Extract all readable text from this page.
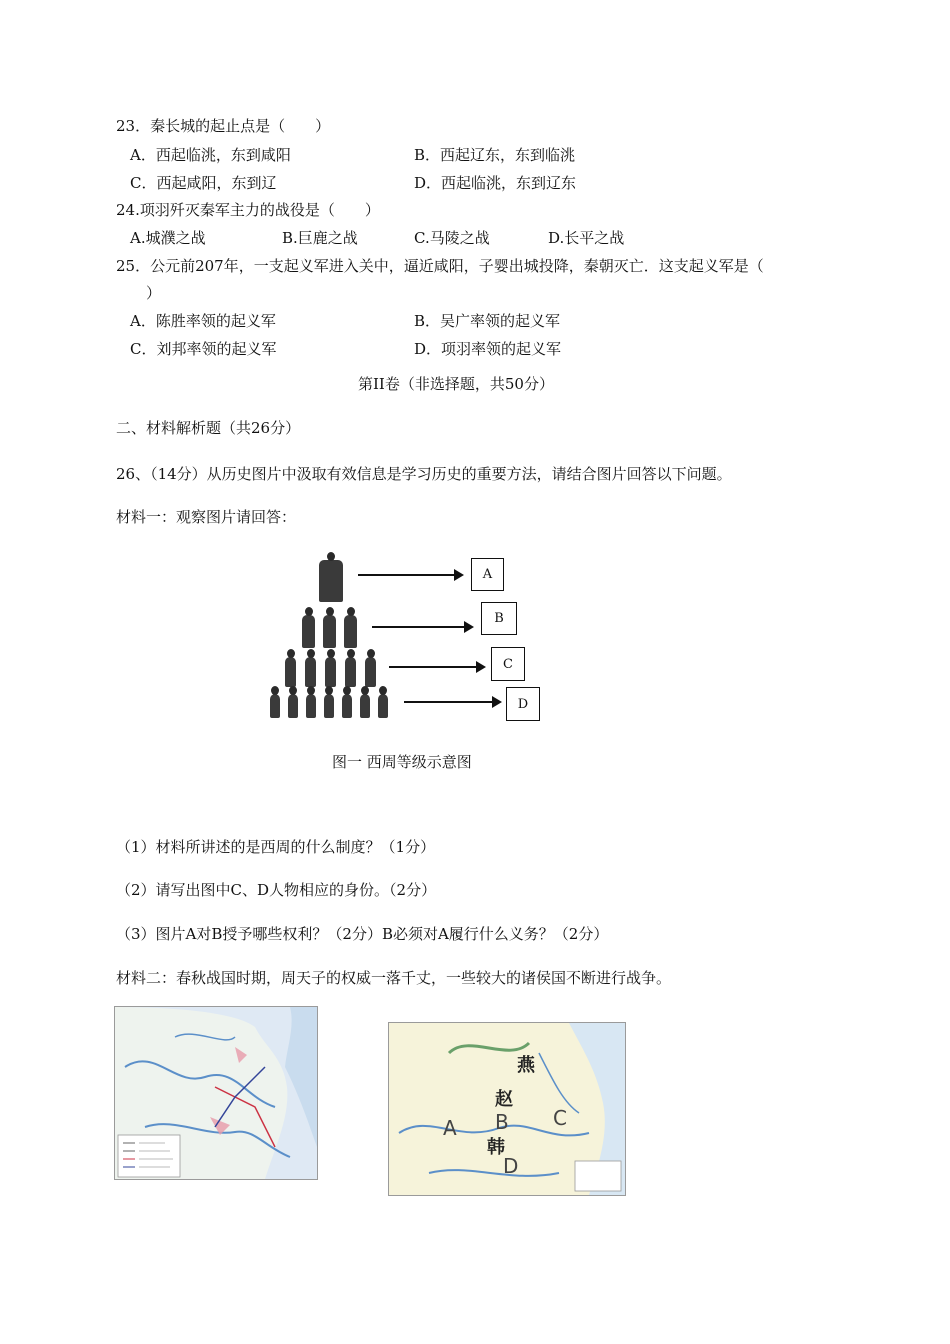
23．秦长城的起止点是（　　）
A．西起临洮，东到咸阳	B．西起辽东，东到临洮
C．西起咸阳，东到辽	D．西起临洮，东到辽东
24.项羽歼灭秦军主力的战役是（　　）
A.城濮之战	B.巨鹿之战	C.马陵之战	D.长平之战
25．公元前207年，一支起义军进入关中，逼近咸阳，子婴出城投降，秦朝灭亡．这支起义军是（
）
A．陈胜率领的起义军	B．吴广率领的起义军
C．刘邦率领的起义军	D．项羽率领的起义军
第II卷（非选择题，共50分）
二、材料解析题（共26分）
26、（14分）从历史图片中汲取有效信息是学习历史的重要方法，请结合图片回答以下问题。
材料一：观察图片请回答：
A
B
C
D
图一 西周等级示意图
（1）材料所讲述的是西周的什么制度？（1分）
（2）请写出图中C、D人物相应的身份。（2分）
（3）图片A对B授予哪些权利？（2分）B必须对A履行什么义务？（2分）
材料二：春秋战国时期，周天子的权威一落千丈，一些较大的诸侯国不断进行战争。
燕
赵
B C
A
韩
D
